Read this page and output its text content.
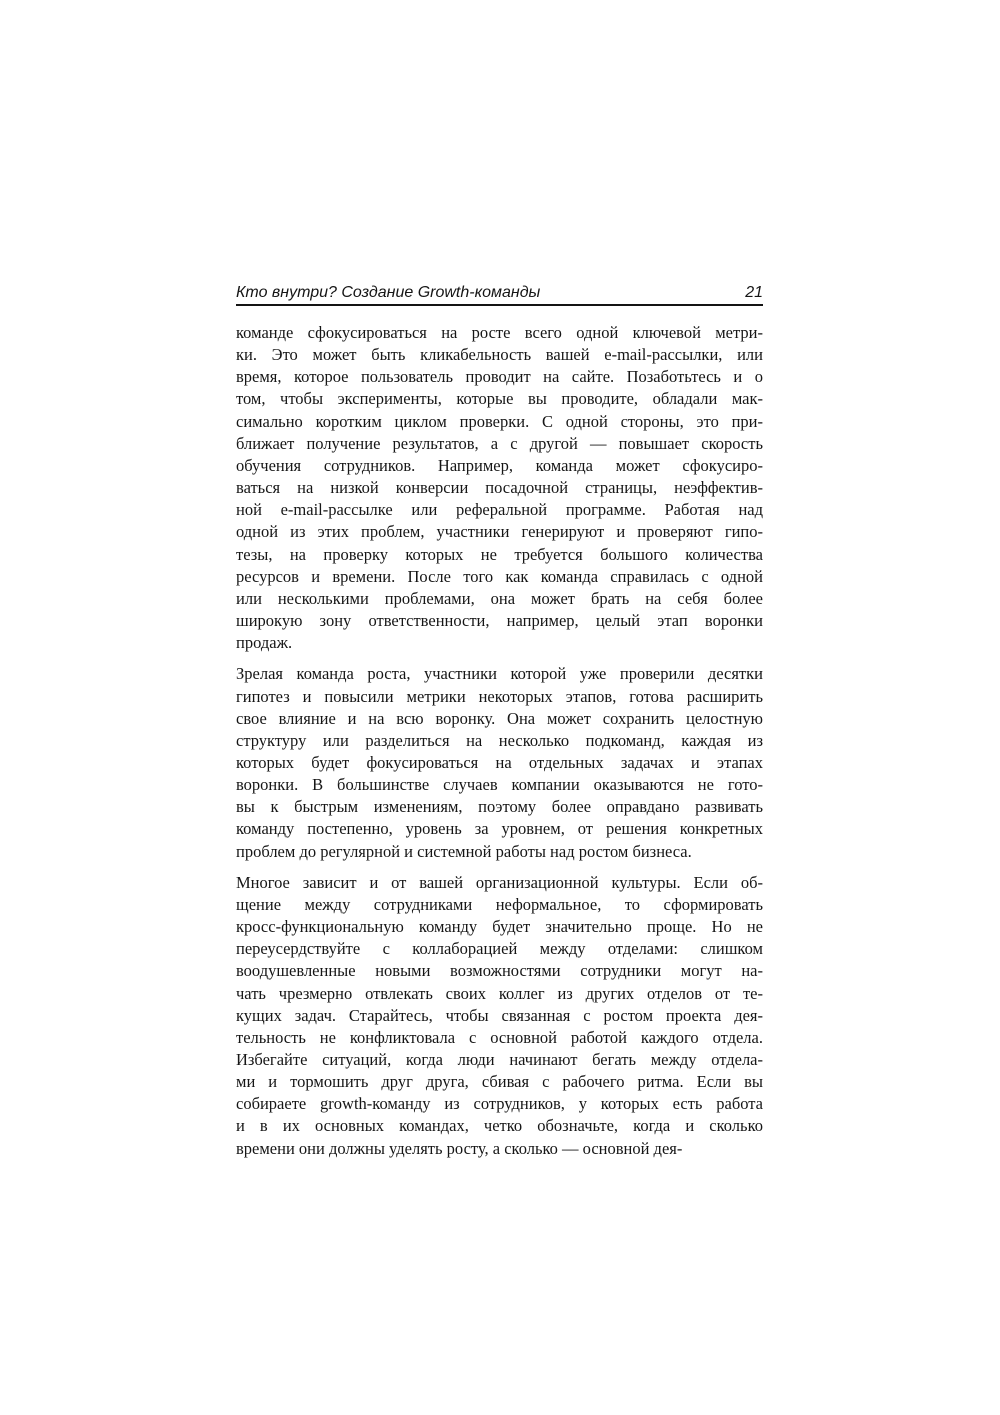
Кто внутри? Создание Growth-команды	21

команде сфокусироваться на росте всего одной ключевой метри-
ки. Это может быть кликабельность вашей e-mail-рассылки, или
время, которое пользователь проводит на сайте. Позаботьтесь и о
том, чтобы эксперименты, которые вы проводите, обладали мак-
симально коротким циклом проверки. С одной стороны, это при-
ближает получение результатов, а с другой — повышает скорость
обучения сотрудников. Например, команда может сфокусиро-
ваться на низкой конверсии посадочной страницы, неэффектив-
ной e-mail-рассылке или реферальной программе. Работая над
одной из этих проблем, участники генерируют и проверяют гипо-
тезы, на проверку которых не требуется большого количества
ресурсов и времени. После того как команда справилась с одной
или несколькими проблемами, она может брать на себя более
широкую зону ответственности, например, целый этап воронки
продаж.

Зрелая команда роста, участники которой уже проверили десятки
гипотез и повысили метрики некоторых этапов, готова расширить
свое влияние и на всю воронку. Она может сохранить целостную
структуру или разделиться на несколько подкоманд, каждая из
которых будет фокусироваться на отдельных задачах и этапах
воронки. В большинстве случаев компании оказываются не гото-
вы к быстрым изменениям, поэтому более оправдано развивать
команду постепенно, уровень за уровнем, от решения конкретных
проблем до регулярной и системной работы над ростом бизнеса.

Многое зависит и от вашей организационной культуры. Если об-
щение между сотрудниками неформальное, то сформировать
кросс-функциональную команду будет значительно проще. Но не
переусердствуйте с коллаборацией между отделами: слишком
воодушевленные новыми возможностями сотрудники могут на-
чать чрезмерно отвлекать своих коллег из других отделов от те-
кущих задач. Старайтесь, чтобы связанная с ростом проекта дея-
тельность не конфликтовала с основной работой каждого отдела.
Избегайте ситуаций, когда люди начинают бегать между отдела-
ми и тормошить друг друга, сбивая с рабочего ритма. Если вы
собираете growth-команду из сотрудников, у которых есть работа
и в их основных командах, четко обозначьте, когда и сколько
времени они должны уделять росту, а сколько — основной дея-
